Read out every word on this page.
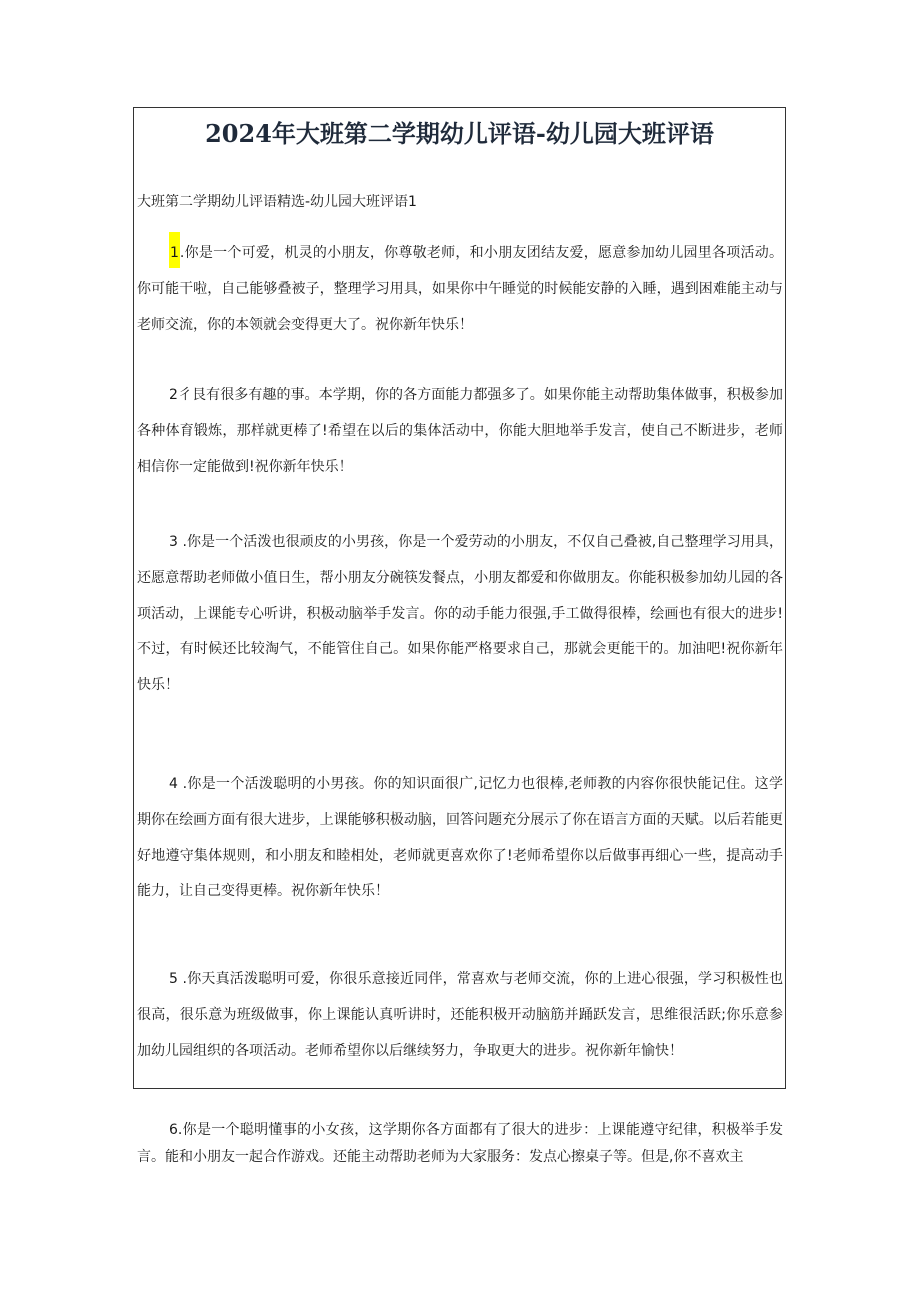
2024年大班第二学期幼儿评语-幼儿园大班评语
大班第二学期幼儿评语精选-幼儿园大班评语1

1.你是一个可爱，机灵的小朋友，你尊敬老师，和小朋友团结友爱，愿意参加幼儿园里各项活动。你可能干啦，自己能够叠被子，整理学习用具，如果你中午睡觉的时候能安静的入睡，遇到困难能主动与老师交流，你的本领就会变得更大了。祝你新年快乐！

2彳艮有很多有趣的事。本学期，你的各方面能力都强多了。如果你能主动帮助集体做事，积极参加各种体育锻炼，那样就更棒了!希望在以后的集体活动中，你能大胆地举手发言，使自己不断进步，老师相信你一定能做到!祝你新年快乐！

3 .你是一个活泼也很顽皮的小男孩，你是一个爱劳动的小朋友，不仅自己叠被,自己整理学习用具，还愿意帮助老师做小值日生，帮小朋友分碗筷发餐点，小朋友都爱和你做朋友。你能积极参加幼儿园的各项活动，上课能专心听讲，积极动脑举手发言。你的动手能力很强,手工做得很棒，绘画也有很大的进步!不过，有时候还比较淘气，不能管住自己。如果你能严格要求自己，那就会更能干的。加油吧!祝你新年快乐！

4 .你是一个活泼聪明的小男孩。你的知识面很广,记忆力也很棒,老师教的内容你很快能记住。这学期你在绘画方面有很大进步，上课能够积极动脑，回答问题充分展示了你在语言方面的天赋。以后若能更好地遵守集体规则，和小朋友和睦相处，老师就更喜欢你了!老师希望你以后做事再细心一些，提高动手能力，让自己变得更棒。祝你新年快乐！

5 .你天真活泼聪明可爱，你很乐意接近同伴，常喜欢与老师交流，你的上进心很强，学习积极性也很高，很乐意为班级做事，你上课能认真听讲时，还能积极开动脑筋并踊跃发言，思维很活跃;你乐意参加幼儿园组织的各项活动。老师希望你以后继续努力，争取更大的进步。祝你新年愉快！

6.你是一个聪明懂事的小女孩，这学期你各方面都有了很大的进步：上课能遵守纪律，积极举手发言。能和小朋友一起合作游戏。还能主动帮助老师为大家服务：发点心擦桌子等。但是,你不喜欢主
